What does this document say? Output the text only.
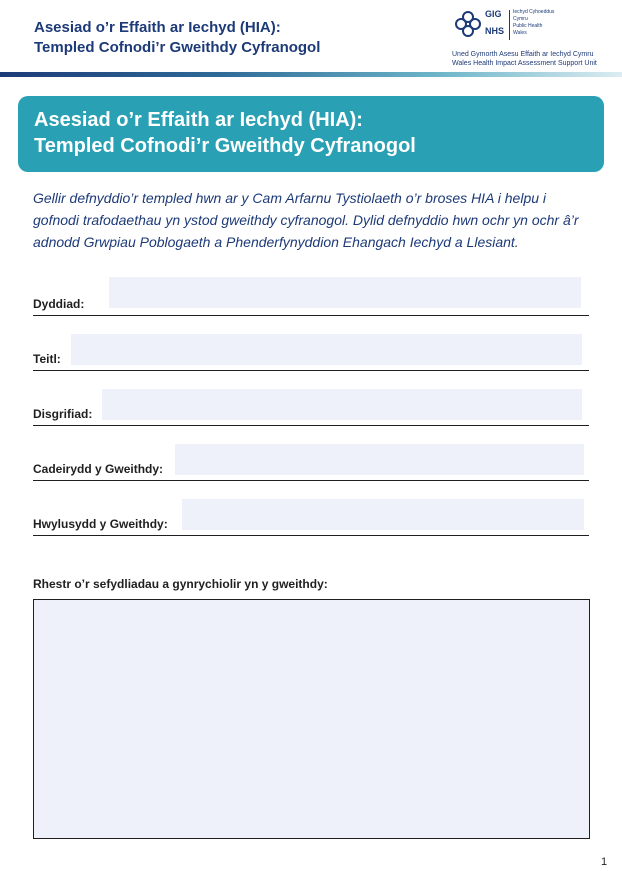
Asesiad o’r Effaith ar Iechyd (HIA):
Templed Cofnodi’r Gweithdy Cyfranogol
GIG
NHS
Iechyd Cyhoeddus
Cymru
Public Health
Wales
Uned Gymorth Asesu Effaith ar Iechyd Cymru
Wales Health Impact Assessment Support Unit
Asesiad o’r Effaith ar Iechyd (HIA):
Templed Cofnodi’r Gweithdy Cyfranogol
Gellir defnyddio’r templed hwn ar y Cam Arfarnu Tystiolaeth o’r broses HIA i helpu i gofnodi trafodaethau yn ystod gweithdy cyfranogol. Dylid defnyddio hwn ochr yn ochr â’r adnodd Grwpiau Poblogaeth a Phenderfynyddion Ehangach Iechyd a Llesiant.
Dyddiad:
Teitl:
Disgrifiad:
Cadeirydd y Gweithdy:
Hwylusydd y Gweithdy:
Rhestr o’r sefydliadau a gynrychiolir yn y gweithdy:
1
